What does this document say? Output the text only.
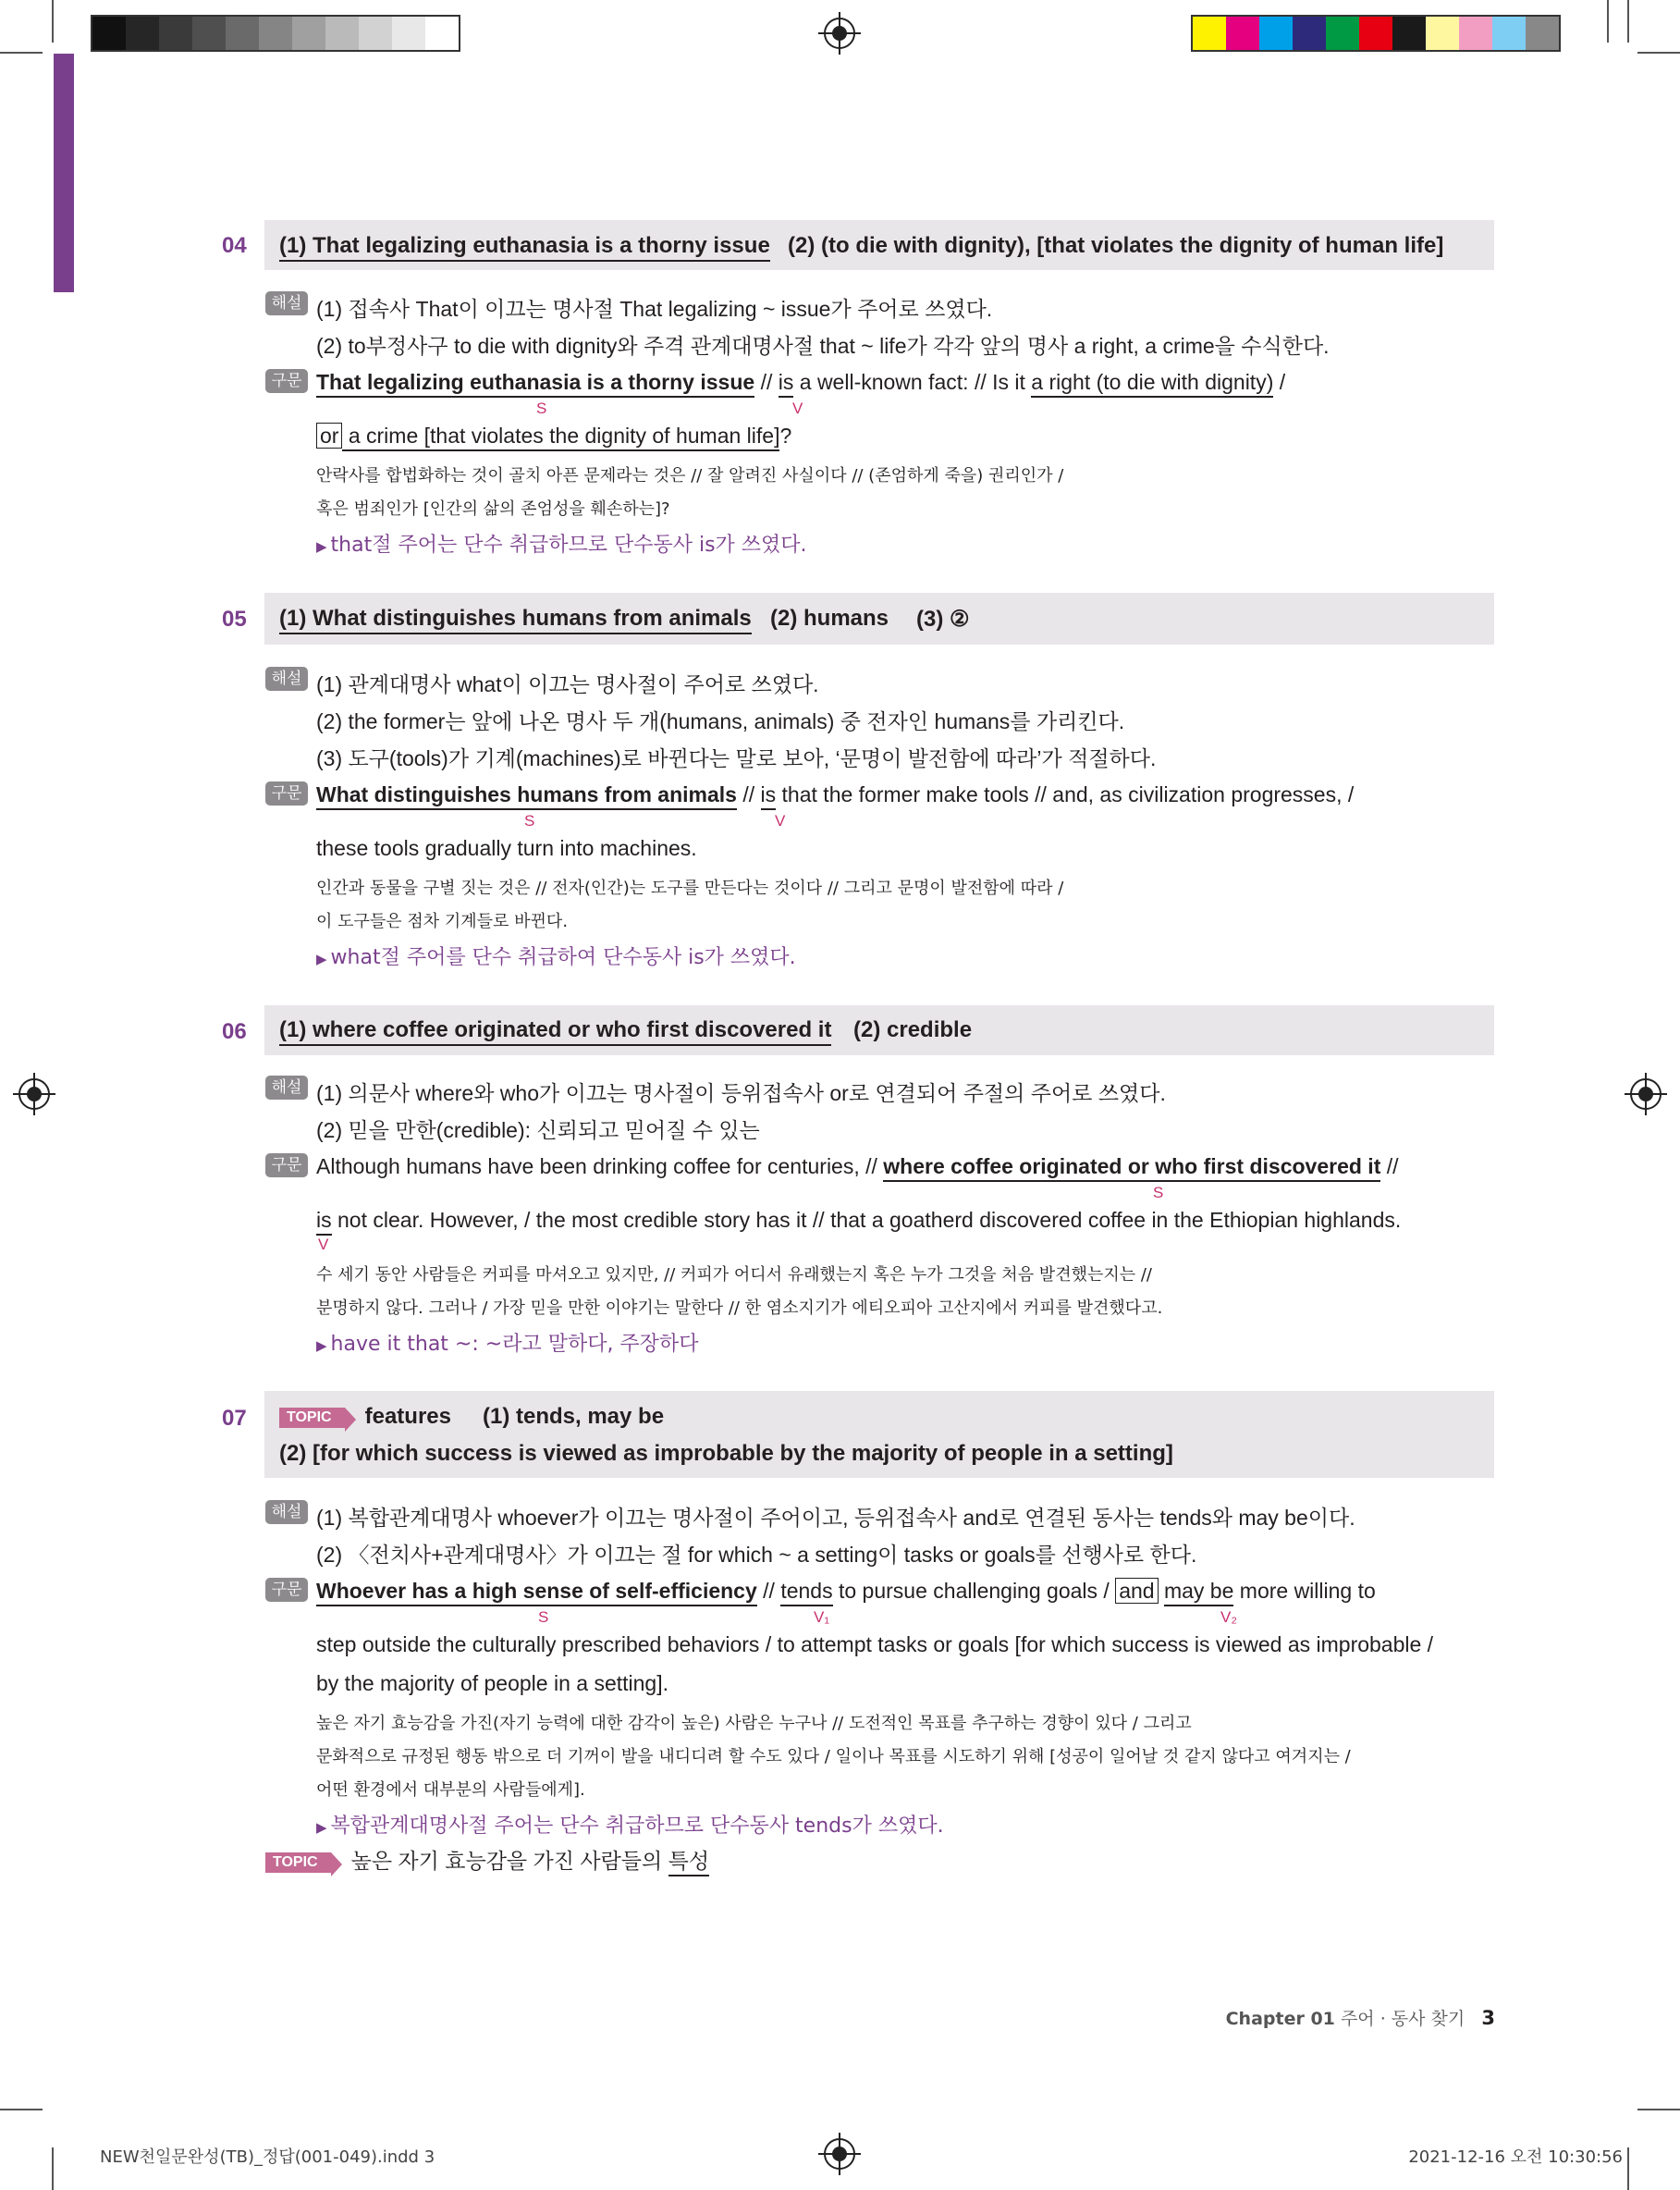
04 (1) That legalizing euthanasia is a thorny issue (2) (to die with dignity), [that violates the dignity of human life]
해설 (1) 접속사 That이 이끄는 명사절 That legalizing ~ issue가 주어로 쓰였다.
(2) to부정사구 to die with dignity와 주격 관계대명사절 that ~ life가 각각 앞의 명사 a right, a crime을 수식한다.
구문 That legalizing euthanasia is a thorny issue // is a well-known fact: // Is it a right (to die with dignity) /
S	V
or a crime [that violates the dignity of human life]?
안락사를 합법화하는 것이 골치 아픈 문제라는 것은 // 잘 알려진 사실이다 // (존엄하게 죽을) 권리인가 /
혹은 범죄인가 [인간의 삶의 존엄성을 훼손하는]?
▶ that절 주어는 단수 취급하므로 단수동사 is가 쓰였다.
05 (1) What distinguishes humans from animals (2) humans (3) ②
해설 (1) 관계대명사 what이 이끄는 명사절이 주어로 쓰였다.
(2) the former는 앞에 나온 명사 두 개(humans, animals) 중 전자인 humans를 가리킨다.
(3) 도구(tools)가 기계(machines)로 바뀐다는 말로 보아, ‘문명이 발전함에 따라’가 적절하다.
구문 What distinguishes humans from animals // is that the former make tools // and, as civilization progresses, /
S	V
these tools gradually turn into machines.
인간과 동물을 구별 짓는 것은 // 전자(인간)는 도구를 만든다는 것이다 // 그리고 문명이 발전함에 따라 /
이 도구들은 점차 기계들로 바뀐다.
▶ what절 주어를 단수 취급하여 단수동사 is가 쓰였다.
06 (1) where coffee originated or who first discovered it (2) credible
해설 (1) 의문사 where와 who가 이끄는 명사절이 등위접속사 or로 연결되어 주절의 주어로 쓰였다.
(2) 믿을 만한(credible): 신뢰되고 믿어질 수 있는
구문 Although humans have been drinking coffee for centuries, // where coffee originated or who first discovered it //
S
is not clear. However, / the most credible story has it // that a goatherd discovered coffee in the Ethiopian highlands.
V
수 세기 동안 사람들은 커피를 마셔오고 있지만, // 커피가 어디서 유래했는지 혹은 누가 그것을 처음 발견했는지는 //
분명하지 않다. 그러나 / 가장 믿을 만한 이야기는 말한다 // 한 염소지기가 에티오피아 고산지에서 커피를 발견했다고.
▶ have it that ~: ~라고 말하다, 주장하다
07	TOPIC features (1) tends, may be
(2) [for which success is viewed as improbable by the majority of people in a setting]
해설 (1) 복합관계대명사 whoever가 이끄는 명사절이 주어이고, 등위접속사 and로 연결된 동사는 tends와 may be이다.
(2) 〈전치사+관계대명사〉가 이끄는 절 for which ~ a setting이 tasks or goals를 선행사로 한다.
구문 Whoever has a high sense of self-efficiency // tends to pursue challenging goals / and may be more willing to
S	V₁	V₂
step outside the culturally prescribed behaviors / to attempt tasks or goals [for which success is viewed as improbable /
by the majority of people in a setting].
높은 자기 효능감을 가진(자기 능력에 대한 감각이 높은) 사람은 누구나 // 도전적인 목표를 추구하는 경향이 있다 / 그리고
문화적으로 규정된 행동 밖으로 더 기꺼이 발을 내디디려 할 수도 있다 / 일이나 목표를 시도하기 위해 [성공이 일어날 것 같지 않다고 여겨지는 /
어떤 환경에서 대부분의 사람들에게].
▶ 복합관계대명사절 주어는 단수 취급하므로 단수동사 tends가 쓰였다.
TOPIC 높은 자기 효능감을 가진 사람들의 특성
Chapter 01 주어 · 동사 찾기 3
NEW천일문완성(TB)_정답(001-049).indd 3	2021-12-16 오전 10:30:56
